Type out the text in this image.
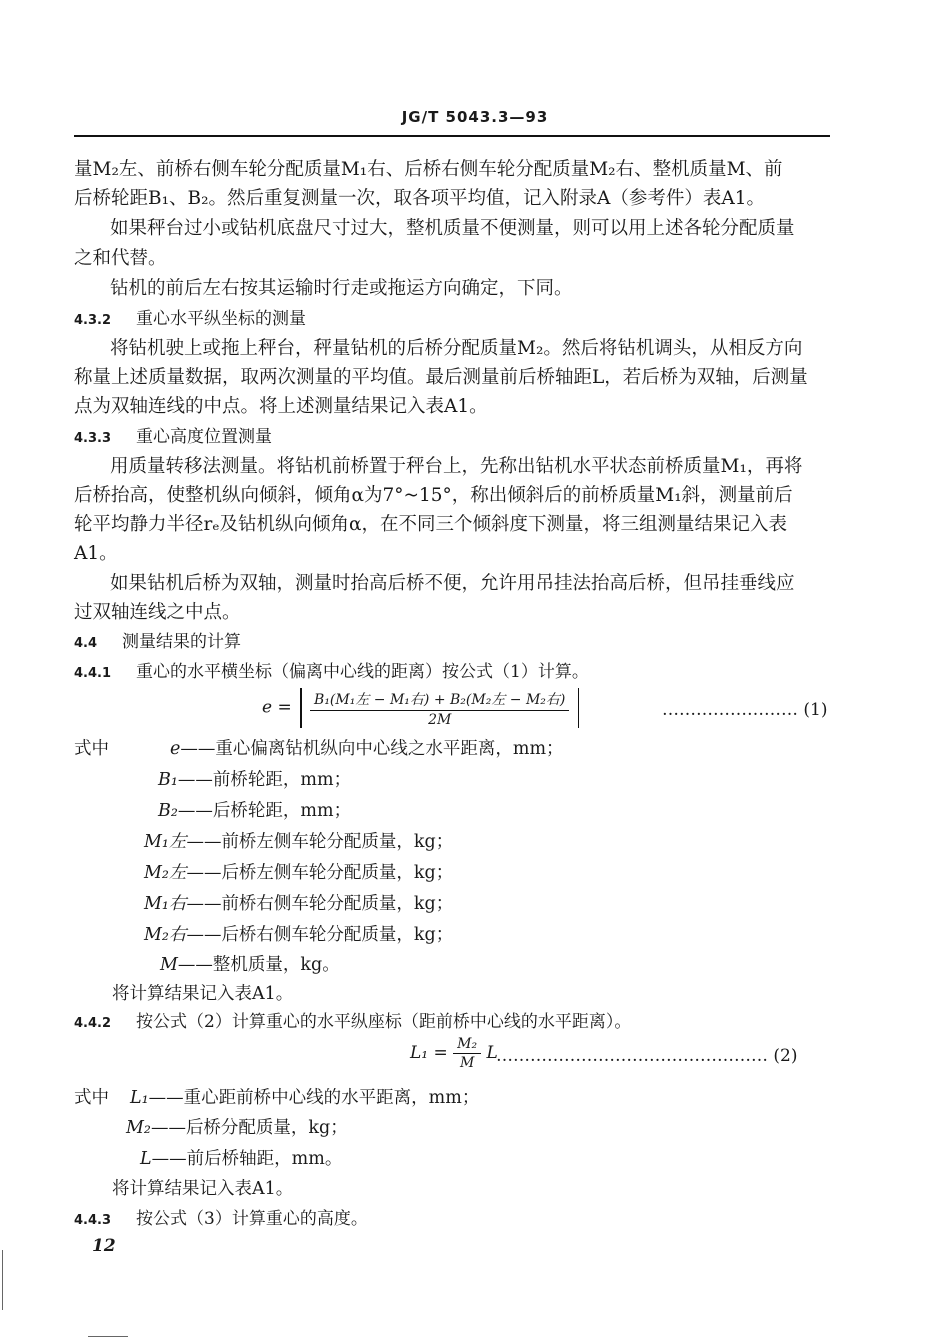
JG/T 5043.3—93
量M₂左、前桥右侧车轮分配质量M₁右、后桥右侧车轮分配质量M₂右、整机质量M、前
后桥轮距B₁、B₂。然后重复测量一次，取各项平均值，记入附录A（参考件）表A1。
如果秤台过小或钻机底盘尺寸过大，整机质量不便测量，则可以用上述各轮分配质量
之和代替。
钻机的前后左右按其运输时行走或拖运方向确定，下同。
4.3.2 重心水平纵坐标的测量
将钻机驶上或拖上秤台，秤量钻机的后桥分配质量M₂。然后将钻机调头，从相反方向
称量上述质量数据，取两次测量的平均值。最后测量前后桥轴距L，若后桥为双轴，后测量
点为双轴连线的中点。将上述测量结果记入表A1。
4.3.3 重心高度位置测量
用质量转移法测量。将钻机前桥置于秤台上，先称出钻机水平状态前桥质量M₁，再将
后桥抬高，使整机纵向倾斜，倾角α为7°~15°，称出倾斜后的前桥质量M₁斜，测量前后
轮平均静力半径rₑ及钻机纵向倾角α，在不同三个倾斜度下测量，将三组测量结果记入表
A1。
如果钻机后桥为双轴，测量时抬高后桥不便，允许用吊挂法抬高后桥，但吊挂垂线应
过双轴连线之中点。
4.4 测量结果的计算
4.4.1 重心的水平横坐标（偏离中心线的距离）按公式（1）计算。
$e = \frac{\text{B₁(M₁左 − M₁右) + B₂(M₂左 − M₂右)}}{2M}$
	…………………… (1)
式中	e——重心偏离钻机纵向中心线之水平距离，mm；
B₁——前桥轮距，mm；
B₂——后桥轮距，mm；
M₁左——前桥左侧车轮分配质量，kg；
M₂左——后桥左侧车轮分配质量，kg；
M₁右——前桥右侧车轮分配质量，kg；
M₂右——后桥右侧车轮分配质量，kg；
M——整机质量，kg。
将计算结果记入表A1。
4.4.2 按公式（2）计算重心的水平纵座标（距前桥中心线的水平距离）。
$L_1 = \frac{\text{M₂}}{M}$ L
………………………………………… (2)
式中 L₁——重心距前桥中心线的水平距离，mm；
M₂——后桥分配质量，kg；
L——前后桥轴距，mm。
将计算结果记入表A1。
4.4.3 按公式（3）计算重心的高度。
12
